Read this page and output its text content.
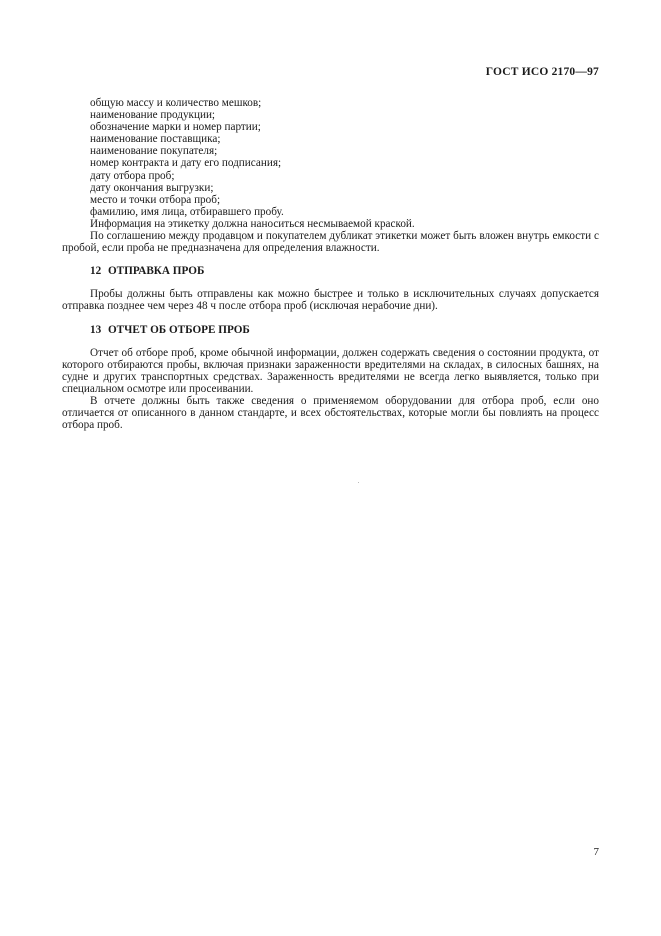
ГОСТ ИСО 2170—97

общую массу и количество мешков;

наименование продукции;

обозначение марки и номер партии;

наименование поставщика;

наименование покупателя;

номер контракта и дату его подписания;

дату отбора проб;

дату окончания выгрузки;

место и точки отбора проб;

фамилию, имя лица, отбиравшего пробу.

Информация на этикетку должна наноситься несмываемой краской.

По соглашению между продавцом и покупателем дубликат этикетки может быть вложен внутрь емкости с пробой, если проба не предназначена для определения влажности.

12 ОТПРАВКА ПРОБ

Пробы должны быть отправлены как можно быстрее и только в исключительных случаях допускается отправка позднее чем через 48 ч после отбора проб (исключая нерабочие дни).

13 ОТЧЕТ ОБ ОТБОРЕ ПРОБ

Отчет об отборе проб, кроме обычной информации, должен содержать сведения о состоянии продукта, от которого отбираются пробы, включая признаки зараженности вредителями на складах, в силосных башнях, на судне и других транспортных средствах. Зараженность вредителями не всегда легко выявляется, только при специальном осмотре или просеивании.

В отчете должны быть также сведения о применяемом оборудовании для отбора проб, если оно отличается от описанного в данном стандарте, и всех обстоятельствах, которые могли бы повлиять на процесс отбора проб.

7
